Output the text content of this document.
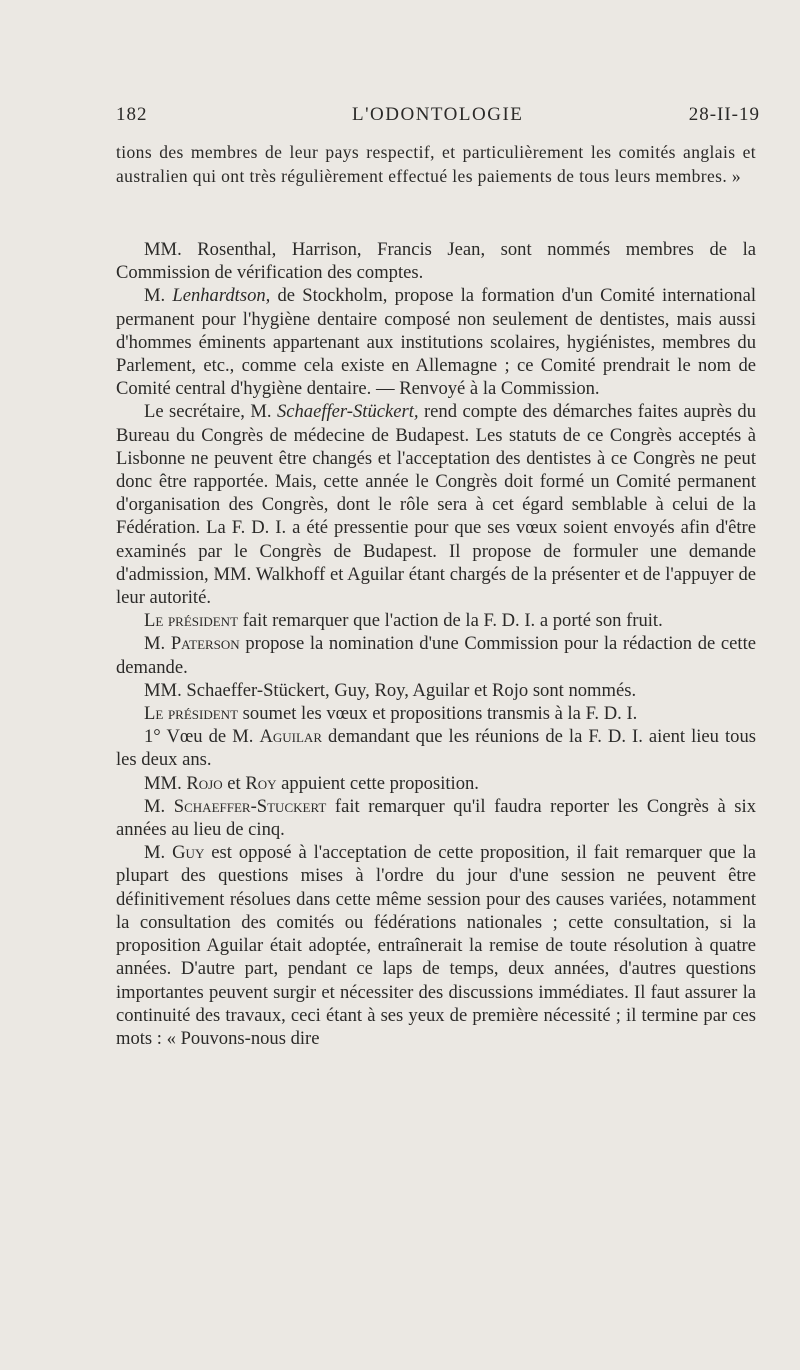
182	L'ODONTOLOGIE	28-II-19

tions des membres de leur pays respectif, et particulièrement les comités anglais et australien qui ont très régulièrement effectué les paiements de tous leurs membres. »

MM. Rosenthal, Harrison, Francis Jean, sont nommés membres de la Commission de vérification des comptes.

M. Lenhardtson, de Stockholm, propose la formation d'un Comité international permanent pour l'hygiène dentaire composé non seulement de dentistes, mais aussi d'hommes éminents appartenant aux institutions scolaires, hygiénistes, membres du Parlement, etc., comme cela existe en Allemagne ; ce Comité prendrait le nom de Comité central d'hygiène dentaire. — Renvoyé à la Commission.

Le secrétaire, M. Schaeffer-Stückert, rend compte des démarches faites auprès du Bureau du Congrès de médecine de Budapest. Les statuts de ce Congrès acceptés à Lisbonne ne peuvent être changés et l'acceptation des dentistes à ce Congrès ne peut donc être rapportée. Mais, cette année le Congrès doit formé un Comité permanent d'organisation des Congrès, dont le rôle sera à cet égard semblable à celui de la Fédération. La F. D. I. a été pressentie pour que ses vœux soient envoyés afin d'être examinés par le Congrès de Budapest. Il propose de formuler une demande d'admission, MM. Walkhoff et Aguilar étant chargés de la présenter et de l'appuyer de leur autorité.

Le président fait remarquer que l'action de la F. D. I. a porté son fruit.

M. Paterson propose la nomination d'une Commission pour la rédaction de cette demande.

MM. Schaeffer-Stückert, Guy, Roy, Aguilar et Rojo sont nommés.

Le président soumet les vœux et propositions transmis à la F. D. I.

1° Vœu de M. Aguilar demandant que les réunions de la F. D. I. aient lieu tous les deux ans.

MM. Rojo et Roy appuient cette proposition.

M. Schaeffer-Stuckert fait remarquer qu'il faudra reporter les Congrès à six années au lieu de cinq.

M. Guy est opposé à l'acceptation de cette proposition, il fait remarquer que la plupart des questions mises à l'ordre du jour d'une session ne peuvent être définitivement résolues dans cette même session pour des causes variées, notamment la consultation des comités ou fédérations nationales ; cette consultation, si la proposition Aguilar était adoptée, entraînerait la remise de toute résolution à quatre années. D'autre part, pendant ce laps de temps, deux années, d'autres questions importantes peuvent surgir et nécessiter des discussions immédiates. Il faut assurer la continuité des travaux, ceci étant à ses yeux de première nécessité ; il termine par ces mots : « Pouvons-nous dire
